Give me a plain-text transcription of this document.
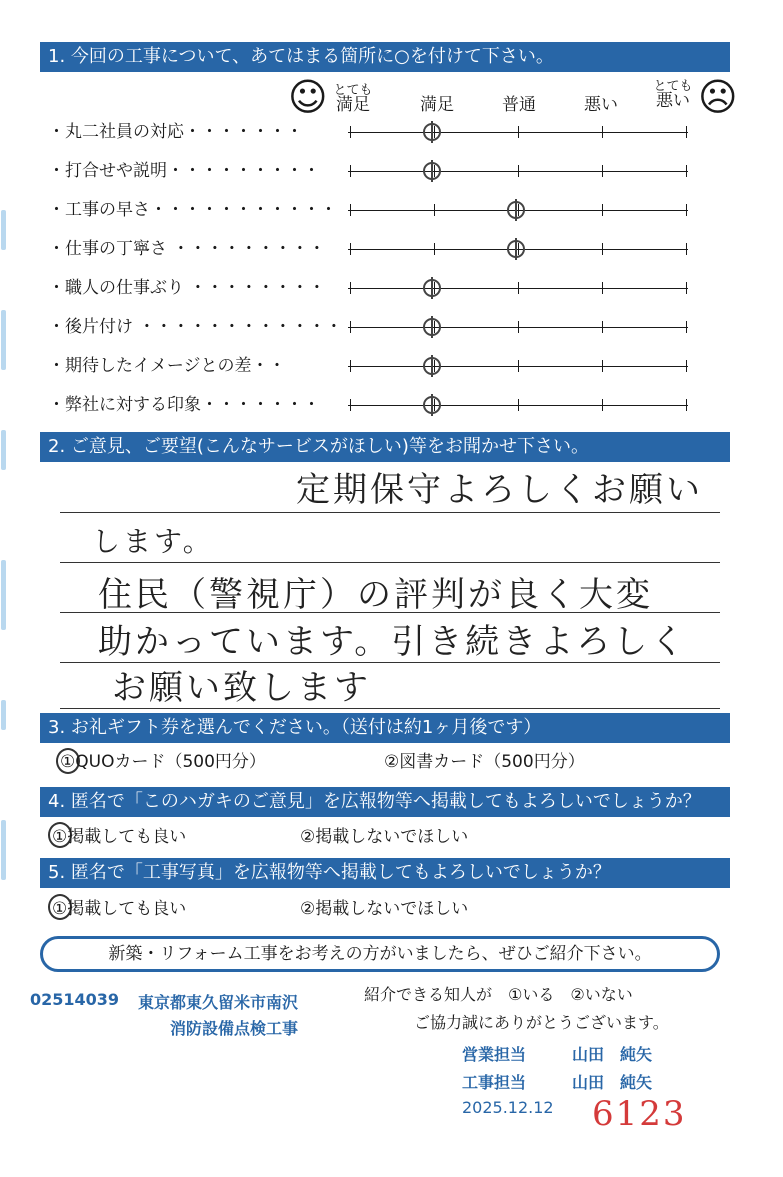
1. 今回の工事について、あてはまる箇所に○を付けて下さい。
☺	☹
とても
満足	満足	普通	悪い
とても
悪い
・丸二社員の対応・・・・・・・
・打合せや説明・・・・・・・・・
・工事の早さ・・・・・・・・・・・
・仕事の丁寧さ ・・・・・・・・・
・職人の仕事ぶり ・・・・・・・・
・後片付け ・・・・・・・・・・・・
・期待したイメージとの差・・
・弊社に対する印象・・・・・・・
2. ご意見、ご要望(こんなサービスがほしい)等をお聞かせ下さい。
定期保守よろしくお願い
します。
住民（警視庁）の評判が良く大変
助かっています。引き続きよろしく
お願い致します
3. お礼ギフト券を選んでください。（送付は約1ヶ月後です）
①QUOカード（500円分）	②図書カード（500円分）
4. 匿名で「このハガキのご意見」を広報物等へ掲載してもよろしいでしょうか？
①掲載しても良い	②掲載しないでほしい
5. 匿名で「工事写真」を広報物等へ掲載してもよろしいでしょうか？
①掲載しても良い	②掲載しないでほしい
新築・リフォーム工事をお考えの方がいましたら、ぜひご紹介下さい。
02514039 東京都東久留米市南沢
消防設備点検工事
紹介できる知人が　①いる　②いない
ご協力誠にありがとうございます。
営業担当	山田　純矢
工事担当	山田　純矢
2025.12.12 6123
